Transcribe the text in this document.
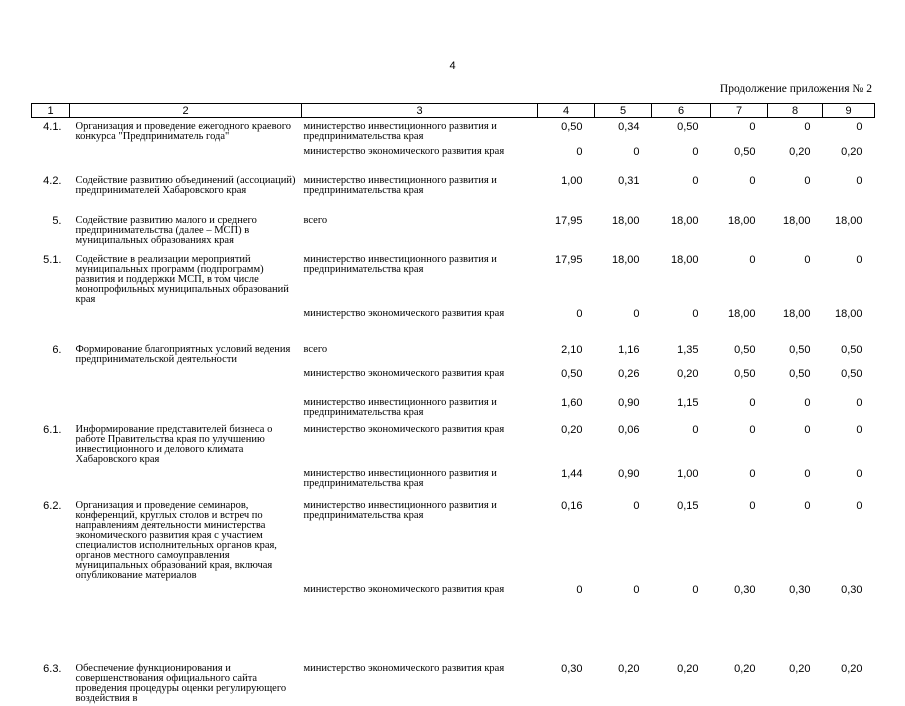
4
Продолжение приложения № 2
1	2	3	4	5	6	7	8	9
4.1.	Организация и проведение ежегодного краевого конкурса "Предприниматель года"	министерство инвестиционного развития и предпринимательства края	0,50	0,34	0,50	0	0	0
		министерство экономического развития края	0	0	0	0,50	0,20	0,20
4.2.	Содействие развитию объединений (ассоциаций) предпринимателей Хабаровского края	министерство инвестиционного развития и предпринимательства края	1,00	0,31	0	0	0	0
5.	Содействие развитию малого и среднего предпринимательства (далее – МСП) в муниципальных образованиях края	всего	17,95	18,00	18,00	18,00	18,00	18,00
5.1.	Содействие в реализации мероприятий муниципальных программ (подпрограмм) развития и поддержки МСП, в том числе монопрофильных муниципальных образований края	министерство инвестиционного развития и предпринимательства края	17,95	18,00	18,00	0	0	0
		министерство экономического развития края	0	0	0	18,00	18,00	18,00
6.	Формирование благоприятных условий ведения предпринимательской деятельности	всего	2,10	1,16	1,35	0,50	0,50	0,50
		министерство экономического развития края	0,50	0,26	0,20	0,50	0,50	0,50
		министерство инвестиционного развития и предпринимательства края	1,60	0,90	1,15	0	0	0
6.1.	Информирование представителей бизнеса о работе Правительства края по улучшению инвестиционного и делового климата Хабаровского края	министерство экономического развития края	0,20	0,06	0	0	0	0
		министерство инвестиционного развития и предпринимательства края	1,44	0,90	1,00	0	0	0
6.2.	Организация и проведение семинаров, конференций, круглых столов и встреч по направлениям деятельности министерства экономического развития края с участием специалистов исполнительных органов края, органов местного самоуправления муниципальных образований края, включая опубликование материалов	министерство инвестиционного развития и предпринимательства края	0,16	0	0,15	0	0	0
		министерство экономического развития края	0	0	0	0,30	0,30	0,30
6.3.	Обеспечение функционирования и совершенствования официального сайта проведения процедуры оценки регулирующего воздействия в	министерство экономического развития края	0,30	0,20	0,20	0,20	0,20	0,20
